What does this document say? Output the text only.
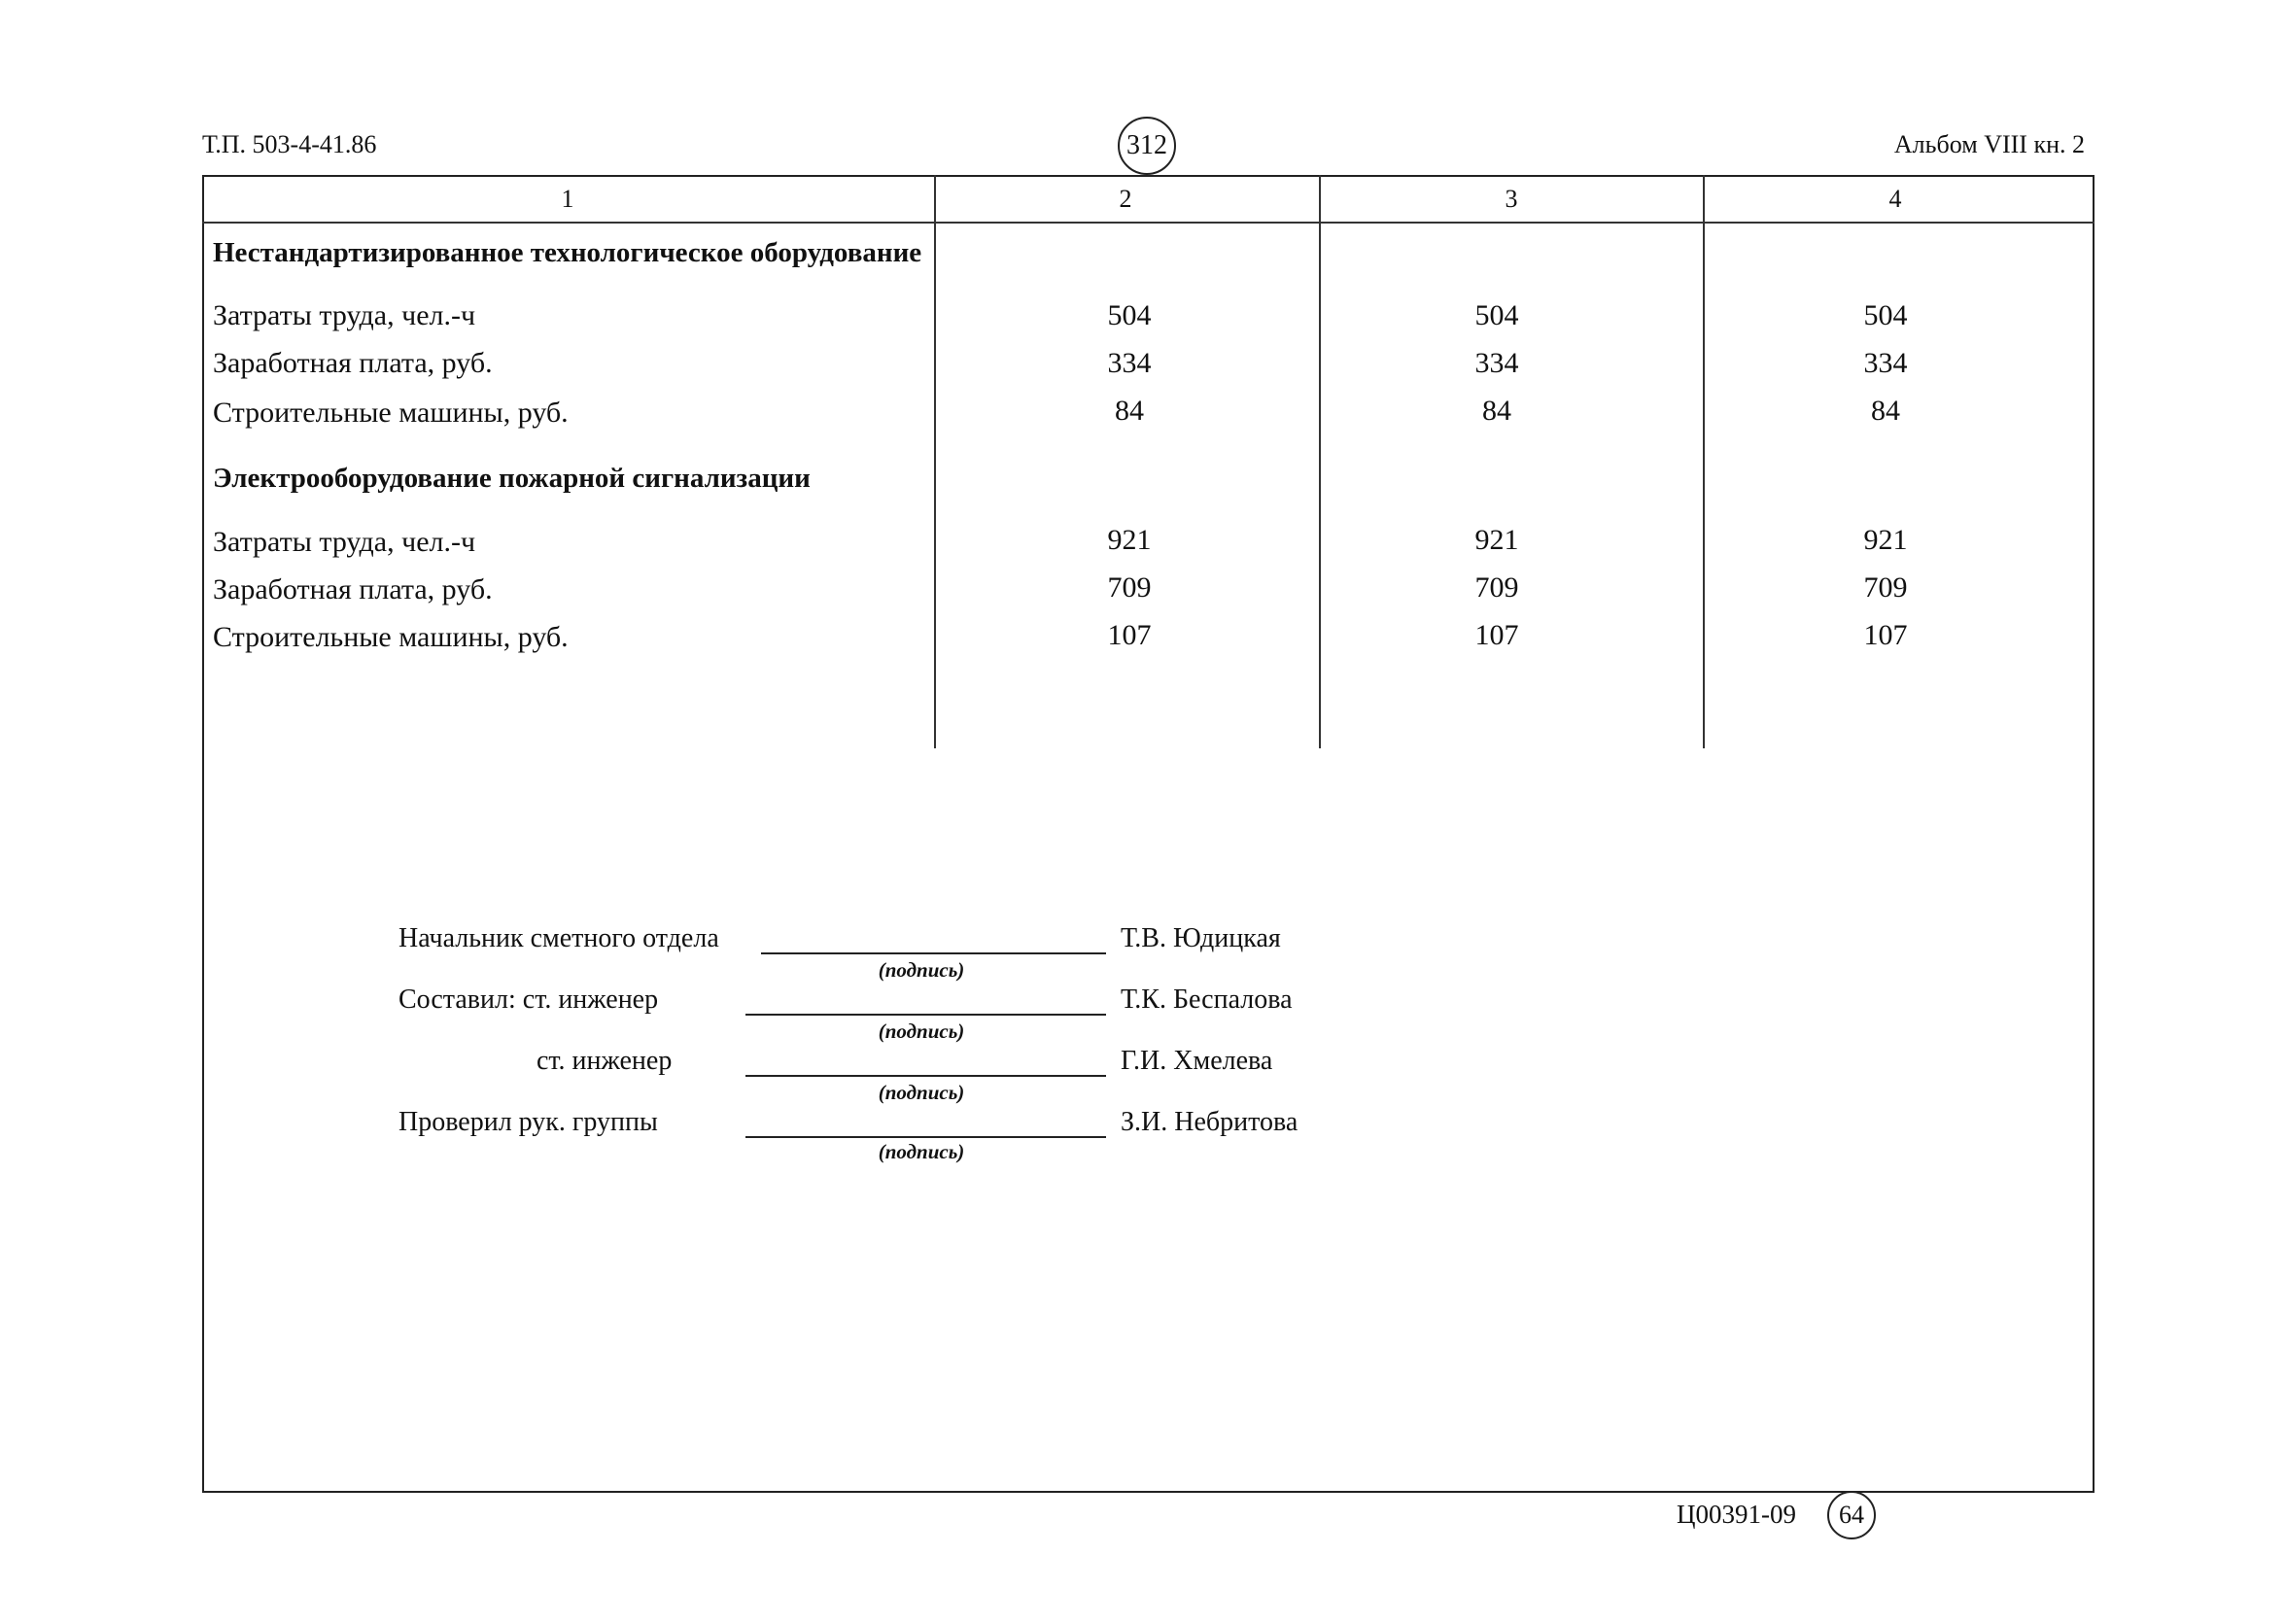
Т.П. 503-4-41.86	312	Альбом VIII кн. 2
1	2	3	4
Нестандартизированное технологическое оборудование
Затраты труда, чел.-ч	504	504	504
Заработная плата, руб.	334	334	334
Строительные машины, руб.	84	84	84
Электрооборудование пожарной сигнализации
Затраты труда, чел.-ч	921	921	921
Заработная плата, руб.	709	709	709
Строительные машины, руб.	107	107	107
Начальник сметного отдела
(подпись)
Т.В. Юдицкая
Составил: ст. инженер
(подпись)
Т.К. Беспалова
ст. инженер
(подпись)
Г.И. Хмелева
Проверил рук. группы
(подпись)
З.И. Небритова
Ц00391-09 64
